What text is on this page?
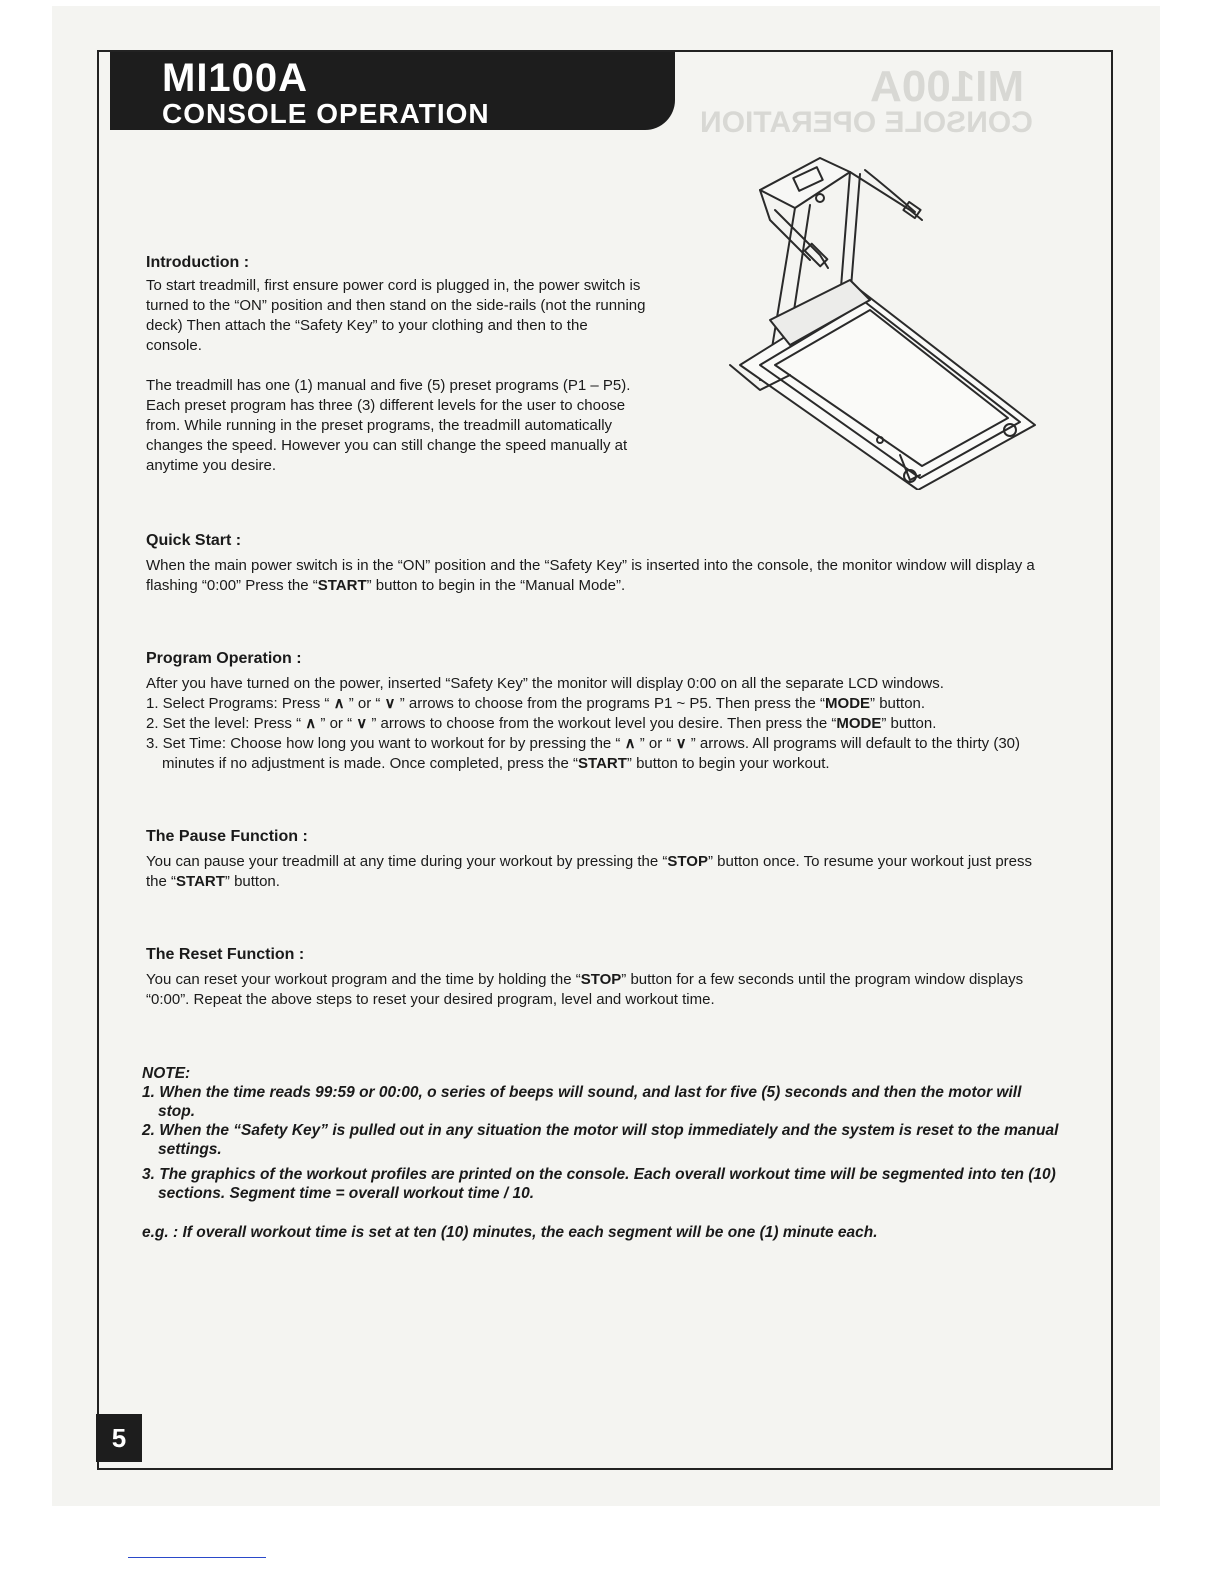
MI100A
CONSOLE OPERATION
MI100A
CONSOLE OPERATION
Introduction :

To start treadmill, first ensure power cord is plugged in, the power switch is turned to the “ON” position and then stand on the side-rails (not the running deck) Then attach the “Safety Key” to your clothing and then to the console.

The treadmill has one (1) manual and five (5) preset programs (P1 – P5). Each preset program has three (3) different levels for the user to choose from. While running in the preset programs, the treadmill automatically changes the speed. However you can still change the speed manually at anytime you desire.

Quick Start :
When the main power switch is in the “ON” position and the “Safety Key” is inserted into the console, the monitor window will display a flashing “0:00” Press the “START” button to begin in the “Manual Mode”.
Program Operation :
After you have turned on the power, inserted “Safety Key” the monitor will display 0:00 on all the separate LCD windows.
1. Select Programs: Press “ ∧ ” or “ ∨ ” arrows to choose from the programs P1 ~ P5. Then press the “MODE” button.
2. Set the level: Press “ ∧ ” or “ ∨ ” arrows to choose from the workout level you desire. Then press the “MODE” button.
3. Set Time: Choose how long you want to workout for by pressing the “ ∧ ” or “ ∨ ” arrows. All programs will default to the thirty (30) minutes if no adjustment is made. Once completed, press the “START” button to begin your workout.
The Pause Function :
You can pause your treadmill at any time during your workout by pressing the “STOP” button once. To resume your workout just press the “START” button.
The Reset Function :
You can reset your workout program and the time by holding the “STOP” button for a few seconds until the program window displays “0:00”. Repeat the above steps to reset your desired program, level and workout time.
NOTE:
1. When the time reads 99:59 or 00:00, o series of beeps will sound, and last for five (5) seconds and then the motor will stop.
2. When the “Safety Key” is pulled out in any situation the motor will stop immediately and the system is reset to the manual settings.
3. The graphics of the workout profiles are printed on the console. Each overall workout time will be segmented into ten (10) sections. Segment time = overall workout time / 10.
e.g. : If overall workout time is set at ten (10) minutes, the each segment will be one (1) minute each.
5
